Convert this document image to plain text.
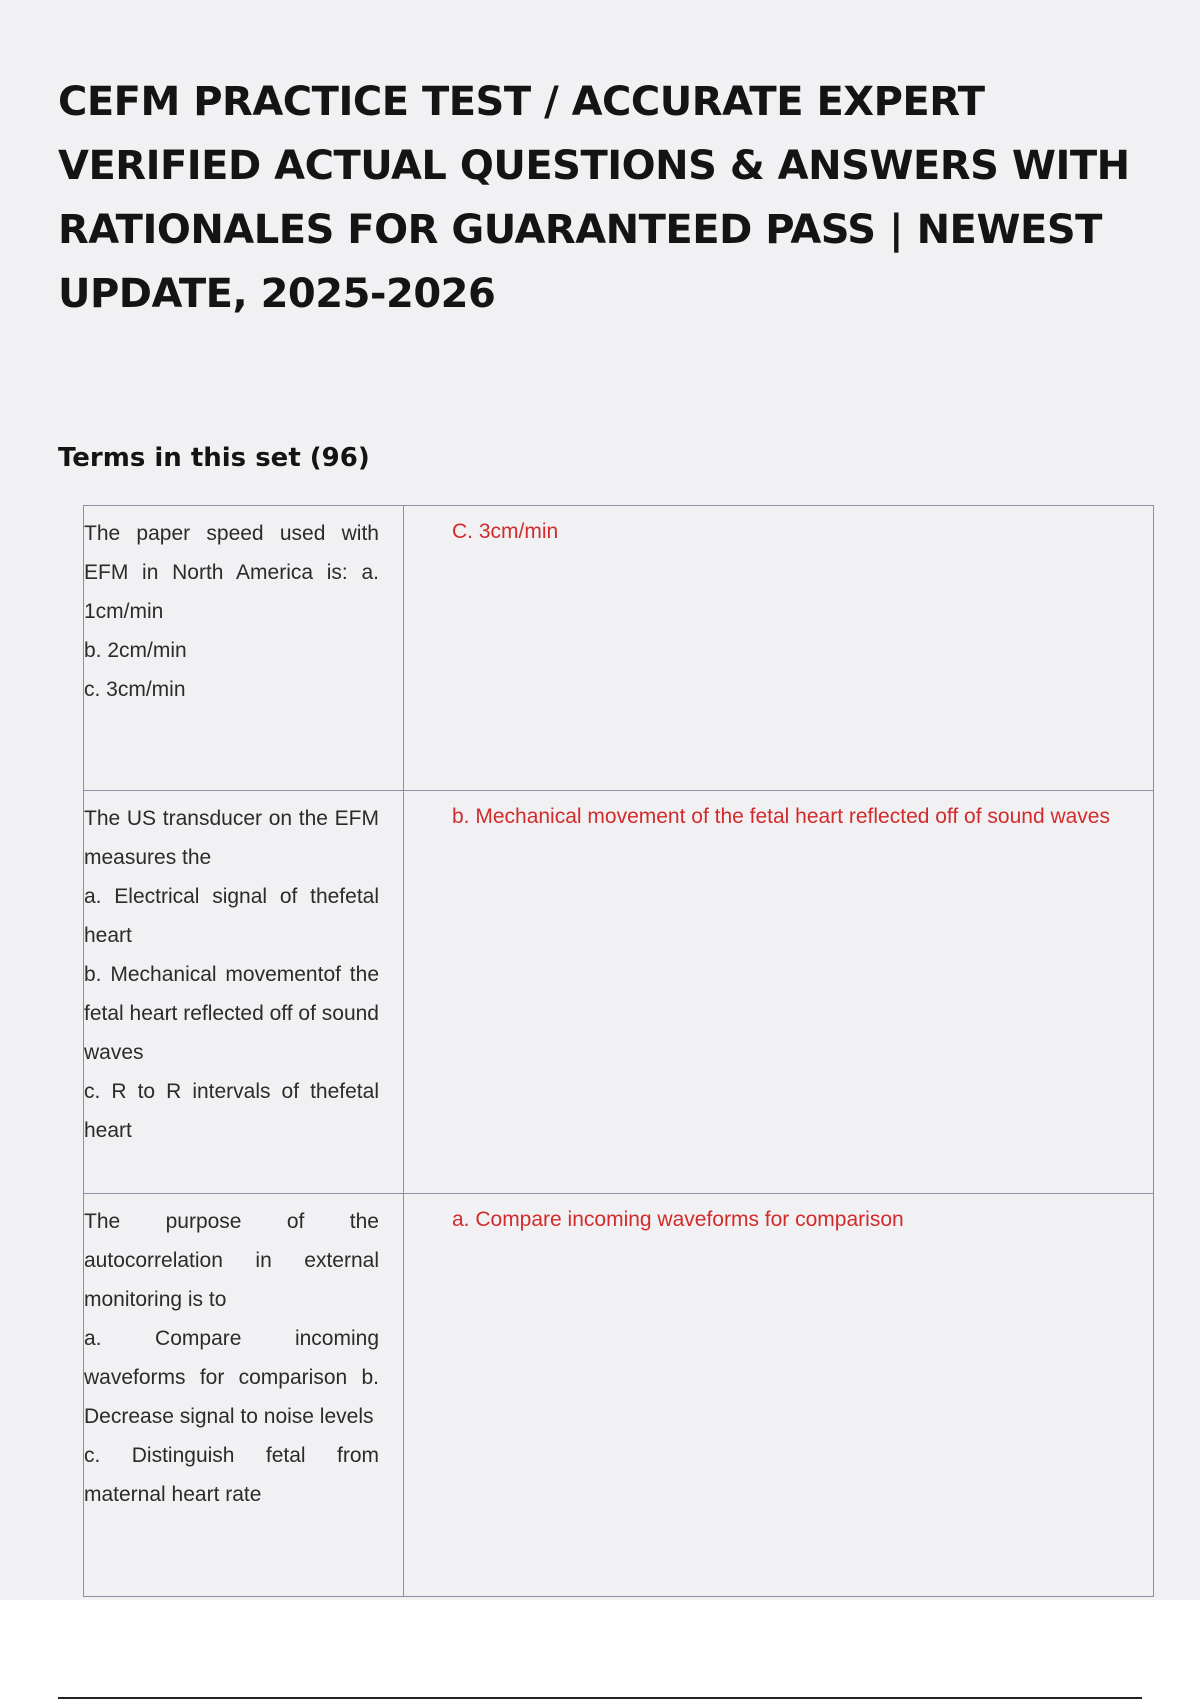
CEFM PRACTICE TEST / ACCURATE EXPERT VERIFIED ACTUAL QUESTIONS & ANSWERS WITH RATIONALES FOR GUARANTEED PASS | NEWEST UPDATE, 2025-2026
Terms in this set (96)
The paper speed used with EFM in North America is: a. 1cm/min
b. 2cm/min
c. 3cm/min	C. 3cm/min

The US transducer on the EFM measures the
a. Electrical signal of thefetal heart
b. Mechanical movementof the fetal heart reflected off of sound waves
c. R to R intervals of thefetal heart	b. Mechanical movement of the fetal heart reflected off of sound waves

The purpose of the autocorrelation in external monitoring is to
a. Compare incoming waveforms for comparison b. Decrease signal to noise levels
c. Distinguish fetal from maternal heart rate	a. Compare incoming waveforms for comparison
